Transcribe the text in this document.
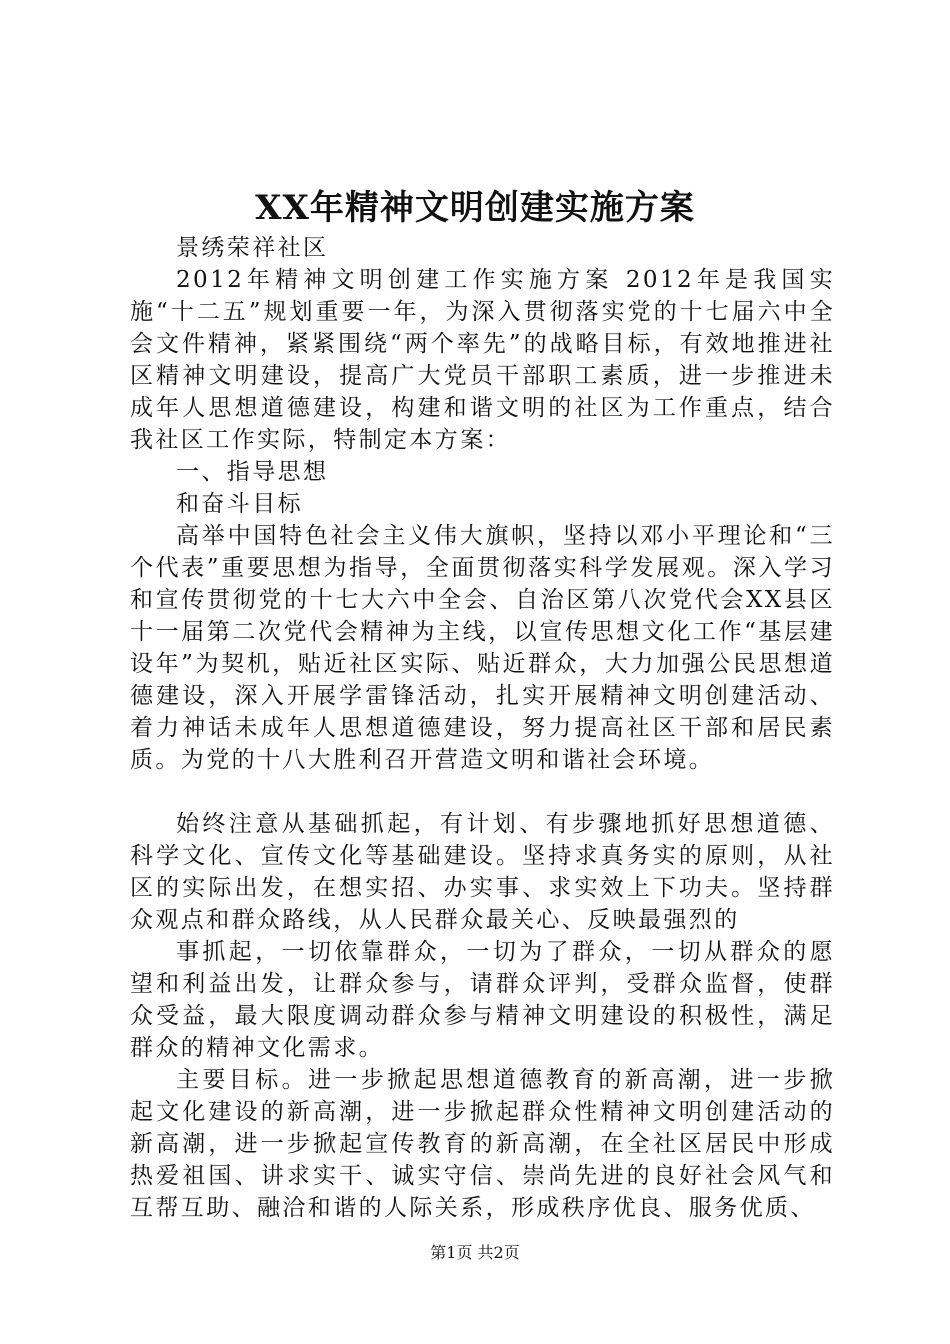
XX年精神文明创建实施方案

景绣荣祥社区

2012年精神文明创建工作实施方案 2012年是我国实施“十二五”规划重要一年，为深入贯彻落实党的十七届六中全会文件精神，紧紧围绕“两个率先”的战略目标，有效地推进社区精神文明建设，提高广大党员干部职工素质，进一步推进未成年人思想道德建设，构建和谐文明的社区为工作重点，结合我社区工作实际，特制定本方案：

一、指导思想

和奋斗目标

高举中国特色社会主义伟大旗帜，坚持以邓小平理论和“三个代表”重要思想为指导，全面贯彻落实科学发展观。深入学习和宣传贯彻党的十七大六中全会、自治区第八次党代会XX县区十一届第二次党代会精神为主线，以宣传思想文化工作“基层建设年”为契机，贴近社区实际、贴近群众，大力加强公民思想道德建设，深入开展学雷锋活动，扎实开展精神文明创建活动、着力神话未成年人思想道德建设，努力提高社区干部和居民素质。为党的十八大胜利召开营造文明和谐社会环境。

始终注意从基础抓起，有计划、有步骤地抓好思想道德、科学文化、宣传文化等基础建设。坚持求真务实的原则，从社区的实际出发，在想实招、办实事、求实效上下功夫。坚持群众观点和群众路线，从人民群众最关心、反映最强烈的

事抓起，一切依靠群众，一切为了群众，一切从群众的愿望和利益出发，让群众参与，请群众评判，受群众监督，使群众受益，最大限度调动群众参与精神文明建设的积极性，满足群众的精神文化需求。

主要目标。进一步掀起思想道德教育的新高潮，进一步掀起文化建设的新高潮，进一步掀起群众性精神文明创建活动的新高潮，进一步掀起宣传教育的新高潮，在全社区居民中形成热爱祖国、讲求实干、诚实守信、崇尚先进的良好社会风气和互帮互助、融洽和谐的人际关系，形成秩序优良、服务优质、

第1页 共2页
